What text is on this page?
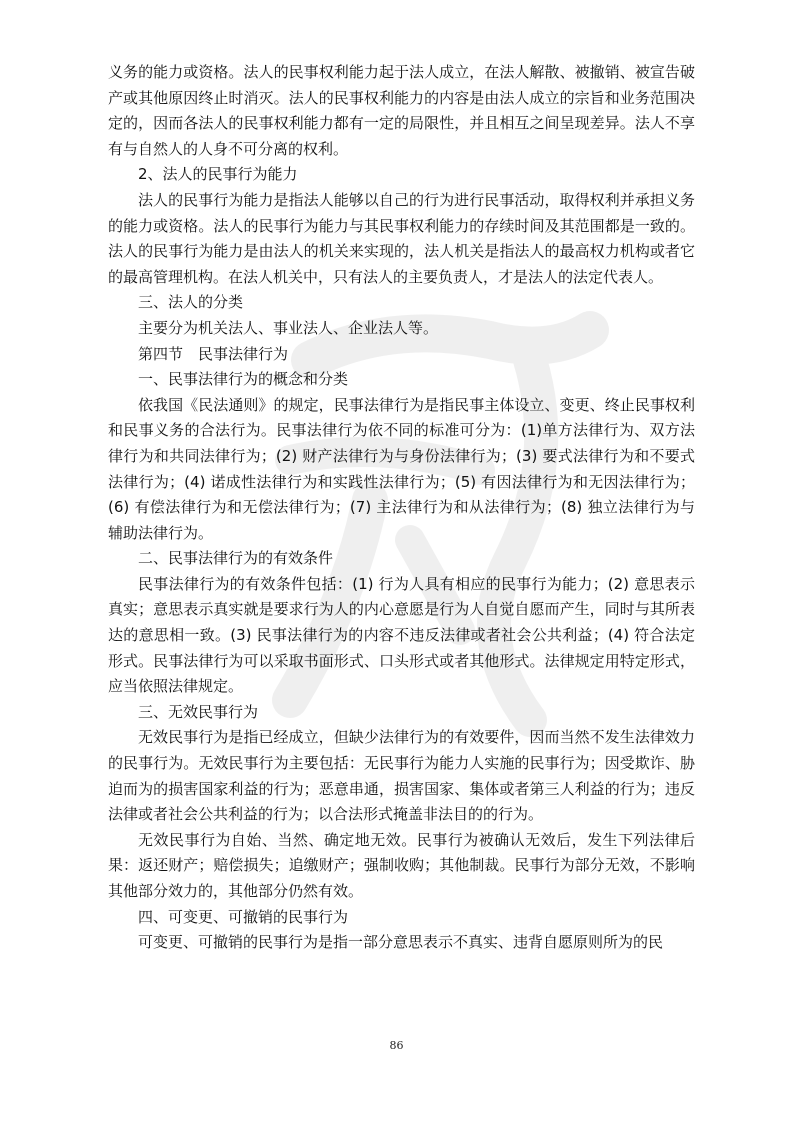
义务的能力或资格。法人的民事权利能力起于法人成立，在法人解散、被撤销、被宣告破产或其他原因终止时消灭。法人的民事权利能力的内容是由法人成立的宗旨和业务范围决定的，因而各法人的民事权利能力都有一定的局限性，并且相互之间呈现差异。法人不享有与自然人的人身不可分离的权利。

2、法人的民事行为能力

法人的民事行为能力是指法人能够以自己的行为进行民事活动，取得权利并承担义务的能力或资格。法人的民事行为能力与其民事权利能力的存续时间及其范围都是一致的。法人的民事行为能力是由法人的机关来实现的，法人机关是指法人的最高权力机构或者它的最高管理机构。在法人机关中，只有法人的主要负责人，才是法人的法定代表人。

三、法人的分类

主要分为机关法人、事业法人、企业法人等。

第四节　民事法律行为

一、民事法律行为的概念和分类

依我国《民法通则》的规定，民事法律行为是指民事主体设立、变更、终止民事权利和民事义务的合法行为。民事法律行为依不同的标准可分为：(1)单方法律行为、双方法律行为和共同法律行为；(2) 财产法律行为与身份法律行为；(3) 要式法律行为和不要式法律行为；(4) 诺成性法律行为和实践性法律行为；(5) 有因法律行为和无因法律行为；(6) 有偿法律行为和无偿法律行为；(7) 主法律行为和从法律行为；(8) 独立法律行为与辅助法律行为。

二、民事法律行为的有效条件

民事法律行为的有效条件包括：(1) 行为人具有相应的民事行为能力；(2) 意思表示真实；意思表示真实就是要求行为人的内心意愿是行为人自觉自愿而产生，同时与其所表达的意思相一致。(3) 民事法律行为的内容不违反法律或者社会公共利益；(4) 符合法定形式。民事法律行为可以采取书面形式、口头形式或者其他形式。法律规定用特定形式，应当依照法律规定。

三、无效民事行为

无效民事行为是指已经成立，但缺少法律行为的有效要件，因而当然不发生法律效力的民事行为。无效民事行为主要包括：无民事行为能力人实施的民事行为；因受欺诈、胁迫而为的损害国家利益的行为；恶意串通，损害国家、集体或者第三人利益的行为；违反法律或者社会公共利益的行为；以合法形式掩盖非法目的的行为。

无效民事行为自始、当然、确定地无效。民事行为被确认无效后，发生下列法律后果：返还财产；赔偿损失；追缴财产；强制收购；其他制裁。民事行为部分无效，不影响其他部分效力的，其他部分仍然有效。

四、可变更、可撤销的民事行为

可变更、可撤销的民事行为是指一部分意思表示不真实、违背自愿原则所为的民

86
